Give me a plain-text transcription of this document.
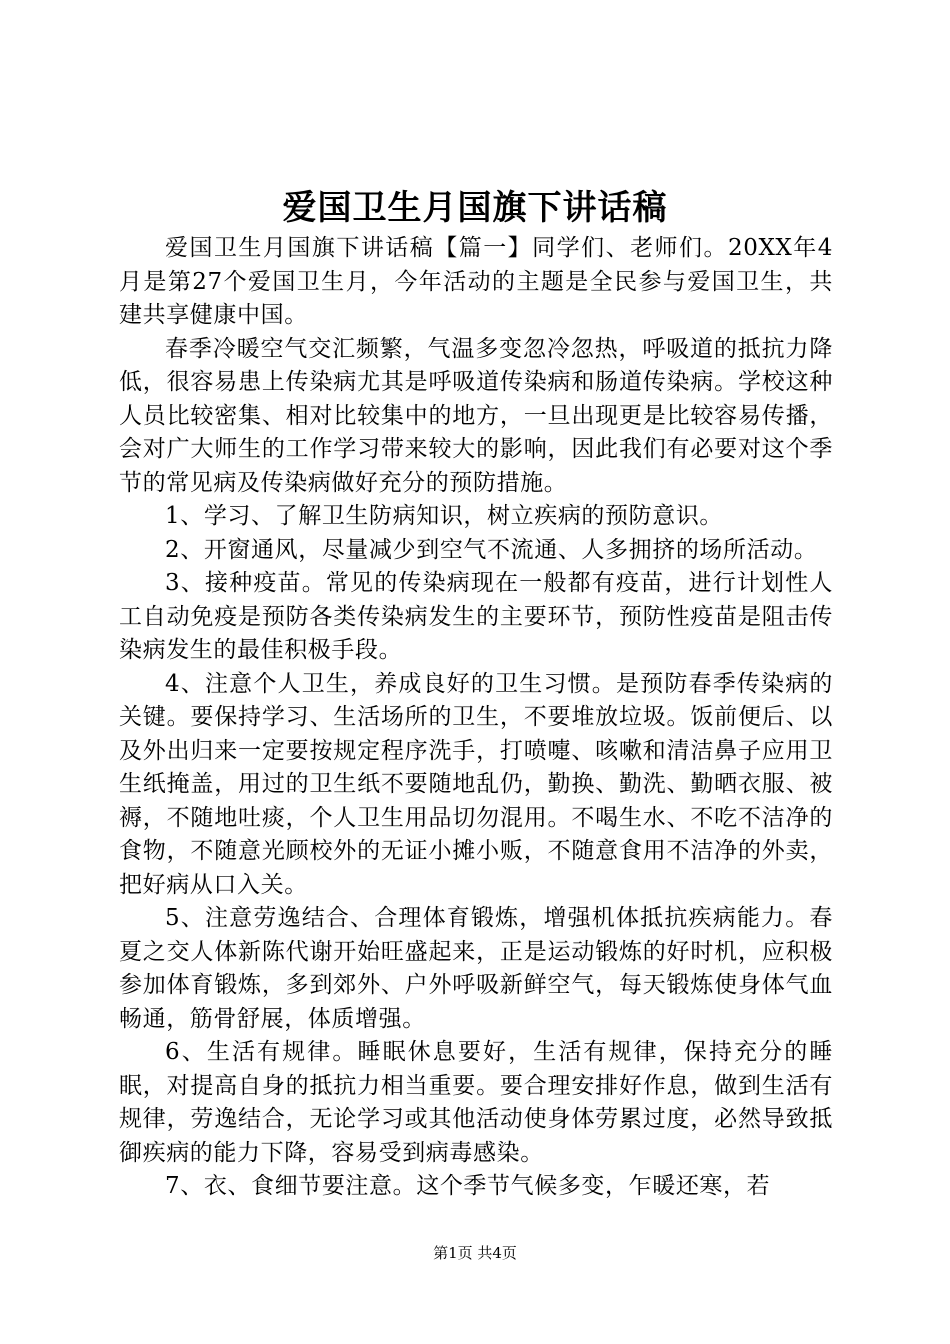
爱国卫生月国旗下讲话稿

爱国卫生月国旗下讲话稿【篇一】同学们、老师们。20XX年4月是第27个爱国卫生月，今年活动的主题是全民参与爱国卫生，共建共享健康中国。

春季冷暖空气交汇频繁，气温多变忽冷忽热，呼吸道的抵抗力降低，很容易患上传染病尤其是呼吸道传染病和肠道传染病。学校这种人员比较密集、相对比较集中的地方，一旦出现更是比较容易传播，会对广大师生的工作学习带来较大的影响，因此我们有必要对这个季节的常见病及传染病做好充分的预防措施。

1、学习、了解卫生防病知识，树立疾病的预防意识。

2、开窗通风，尽量减少到空气不流通、人多拥挤的场所活动。

3、接种疫苗。常见的传染病现在一般都有疫苗，进行计划性人工自动免疫是预防各类传染病发生的主要环节，预防性疫苗是阻击传染病发生的最佳积极手段。

4、注意个人卫生，养成良好的卫生习惯。是预防春季传染病的关键。要保持学习、生活场所的卫生，不要堆放垃圾。饭前便后、以及外出归来一定要按规定程序洗手，打喷嚏、咳嗽和清洁鼻子应用卫生纸掩盖，用过的卫生纸不要随地乱仍，勤换、勤洗、勤晒衣服、被褥，不随地吐痰，个人卫生用品切勿混用。不喝生水、不吃不洁净的食物，不随意光顾校外的无证小摊小贩，不随意食用不洁净的外卖，把好病从口入关。

5、注意劳逸结合、合理体育锻炼，增强机体抵抗疾病能力。春夏之交人体新陈代谢开始旺盛起来，正是运动锻炼的好时机，应积极参加体育锻炼，多到郊外、户外呼吸新鲜空气，每天锻炼使身体气血畅通，筋骨舒展，体质增强。

6、生活有规律。睡眠休息要好，生活有规律，保持充分的睡眠，对提高自身的抵抗力相当重要。要合理安排好作息，做到生活有规律，劳逸结合，无论学习或其他活动使身体劳累过度，必然导致抵御疾病的能力下降，容易受到病毒感染。

7、衣、食细节要注意。这个季节气候多变，乍暖还寒，若

第1页 共4页
